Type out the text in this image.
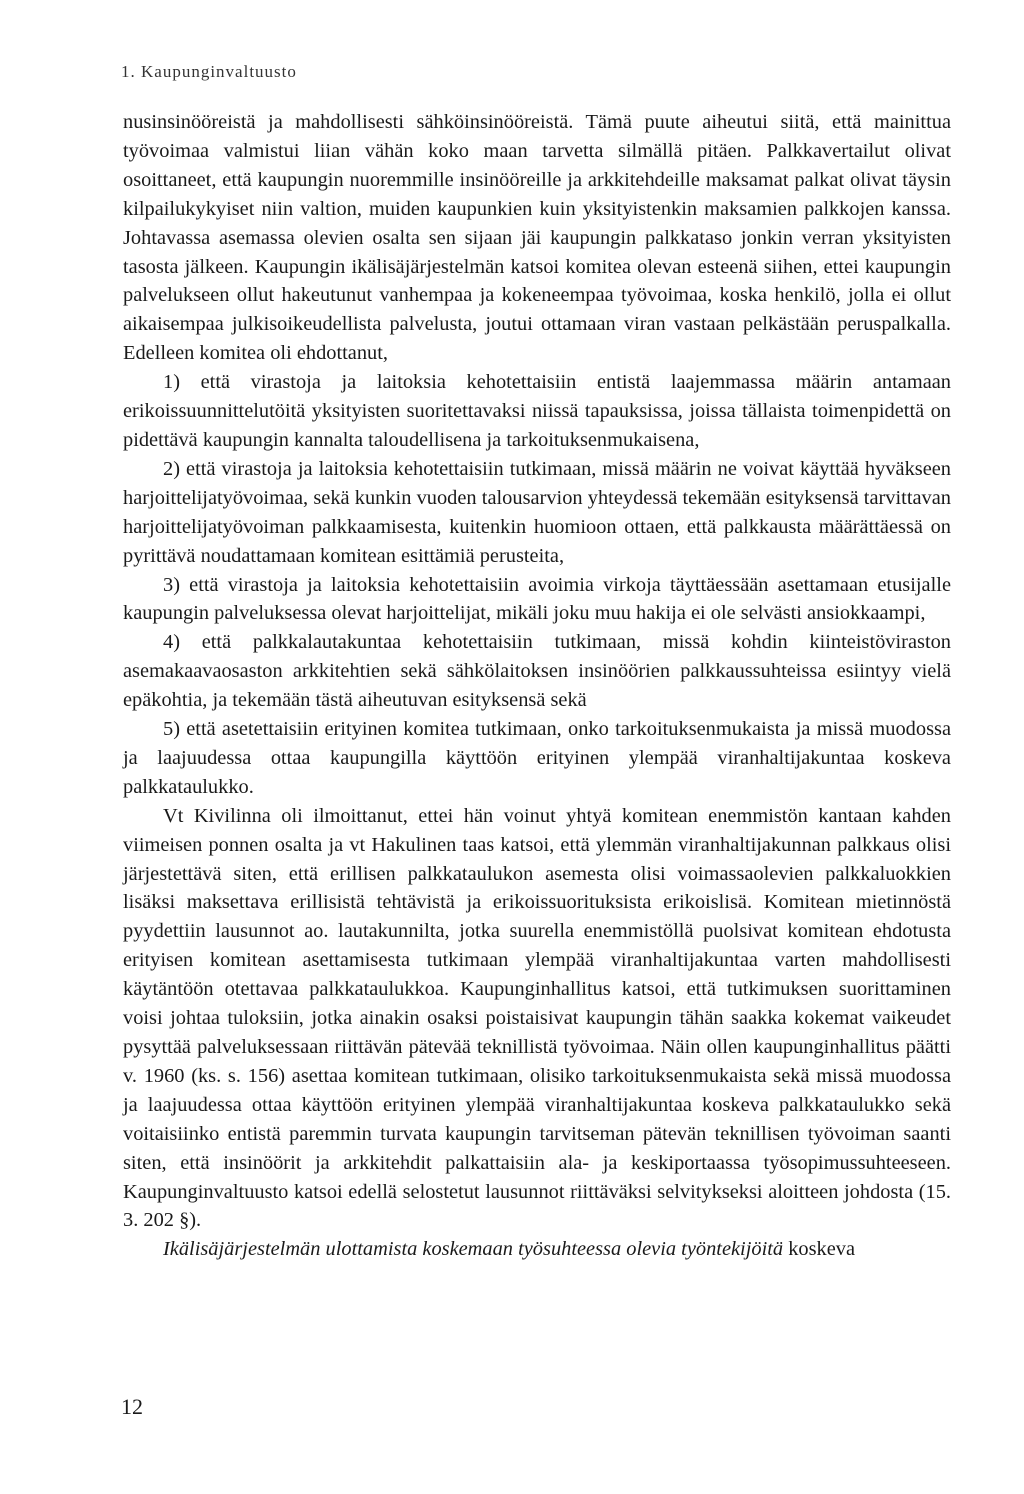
1. Kaupunginvaltuusto

nusinsinööreistä ja mahdollisesti sähköinsinööreistä. Tämä puute aiheutui siitä, että mainittua työvoimaa valmistui liian vähän koko maan tarvetta silmällä pitäen. Palkkavertailut olivat osoittaneet, että kaupungin nuoremmille insinööreille ja arkkitehdeille maksamat palkat olivat täysin kilpailukykyiset niin valtion, muiden kaupunkien kuin yksityistenkin maksamien palkkojen kanssa. Johtavassa asemassa olevien osalta sen sijaan jäi kaupungin palkkataso jonkin verran yksityisten tasosta jälkeen. Kaupungin ikälisäjärjestelmän katsoi komitea olevan esteenä siihen, ettei kaupungin palvelukseen ollut hakeutunut vanhempaa ja kokeneempaa työvoimaa, koska henkilö, jolla ei ollut aikaisempaa julkisoikeudellista palvelusta, joutui ottamaan viran vastaan pelkästään peruspalkalla. Edelleen komitea oli ehdottanut,

1) että virastoja ja laitoksia kehotettaisiin entistä laajemmassa määrin antamaan erikoissuunnittelutöitä yksityisten suoritettavaksi niissä tapauksissa, joissa tällaista toimenpidettä on pidettävä kaupungin kannalta taloudellisena ja tarkoituksenmukaisena,

2) että virastoja ja laitoksia kehotettaisiin tutkimaan, missä määrin ne voivat käyttää hyväkseen harjoittelijatyövoimaa, sekä kunkin vuoden talousarvion yhteydessä tekemään esityksensä tarvittavan harjoittelijatyövoiman palkkaamisesta, kuitenkin huomioon ottaen, että palkkausta määrättäessä on pyrittävä noudattamaan komitean esittämiä perusteita,

3) että virastoja ja laitoksia kehotettaisiin avoimia virkoja täyttäessään asettamaan etusijalle kaupungin palveluksessa olevat harjoittelijat, mikäli joku muu hakija ei ole selvästi ansiokkaampi,

4) että palkkalautakuntaa kehotettaisiin tutkimaan, missä kohdin kiinteistöviraston asemakaavaosaston arkkitehtien sekä sähkölaitoksen insinöörien palkkaussuhteissa esiintyy vielä epäkohtia, ja tekemään tästä aiheutuvan esityksensä sekä

5) että asetettaisiin erityinen komitea tutkimaan, onko tarkoituksenmukaista ja missä muodossa ja laajuudessa ottaa kaupungilla käyttöön erityinen ylempää viranhaltijakuntaa koskeva palkkataulukko.

Vt Kivilinna oli ilmoittanut, ettei hän voinut yhtyä komitean enemmistön kantaan kahden viimeisen ponnen osalta ja vt Hakulinen taas katsoi, että ylemmän viranhaltijakunnan palkkaus olisi järjestettävä siten, että erillisen palkkataulukon asemesta olisi voimassaolevien palkkaluokkien lisäksi maksettava erillisistä tehtävistä ja erikoissuorituksista erikoislisä. Komitean mietinnöstä pyydettiin lausunnot ao. lautakunnilta, jotka suurella enemmistöllä puolsivat komitean ehdotusta erityisen komitean asettamisesta tutkimaan ylempää viranhaltijakuntaa varten mahdollisesti käytäntöön otettavaa palkkataulukkoa. Kaupunginhallitus katsoi, että tutkimuksen suorittaminen voisi johtaa tuloksiin, jotka ainakin osaksi poistaisivat kaupungin tähän saakka kokemat vaikeudet pysyttää palveluksessaan riittävän pätevää teknillistä työvoimaa. Näin ollen kaupunginhallitus päätti v. 1960 (ks. s. 156) asettaa komitean tutkimaan, olisiko tarkoituksenmukaista sekä missä muodossa ja laajuudessa ottaa käyttöön erityinen ylempää viranhaltijakuntaa koskeva palkkataulukko sekä voitaisiinko entistä paremmin turvata kaupungin tarvitseman pätevän teknillisen työvoiman saanti siten, että insinöörit ja arkkitehdit palkattaisiin ala- ja keskiportaassa työsopimussuhteeseen. Kaupunginvaltuusto katsoi edellä selostetut lausunnot riittäväksi selvitykseksi aloitteen johdosta (15. 3. 202 §).

Ikälisäjärjestelmän ulottamista koskemaan työsuhteessa olevia työntekijöitä koskeva

12
